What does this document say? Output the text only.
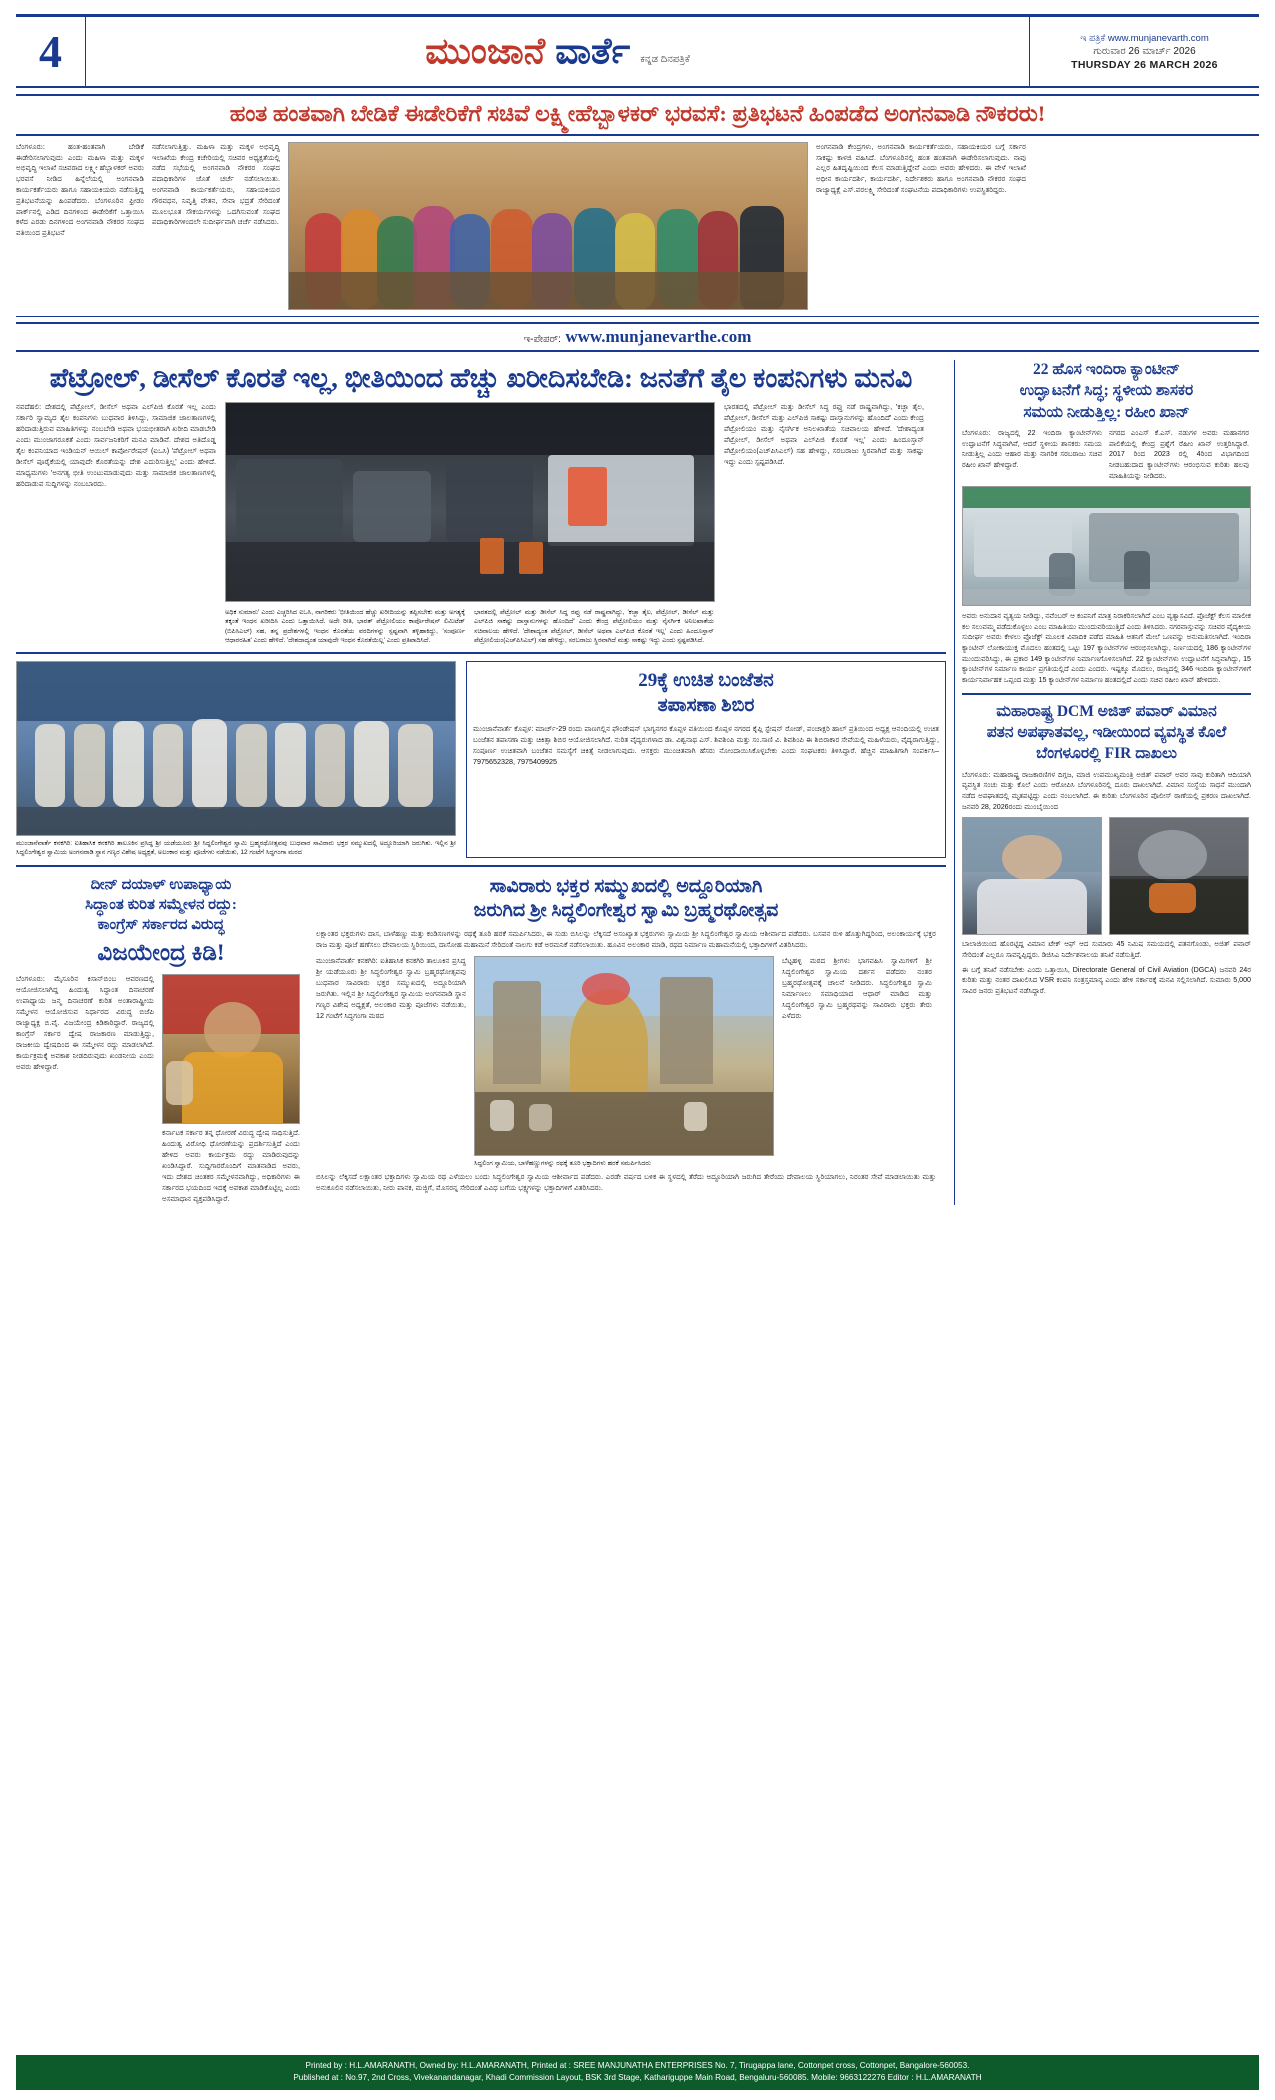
4	ಮುಂಜಾನೆ ವಾರ್ತೆ ಕನ್ನಡ ದಿನಪತ್ರಿಕೆ
ಇ ಪತ್ರಿಕೆ www.munjanevarth.com
ಗುರುವಾರ 26 ಮಾರ್ಚ್ 2026
THURSDAY 26 MARCH 2026
ಹಂತ ಹಂತವಾಗಿ ಬೇಡಿಕೆ ಈಡೇರಿಕೆಗೆ ಸಚಿವೆ ಲಕ್ಷ್ಮೀಹೆಬ್ಬಾಳಕರ್ ಭರವಸೆ: ಪ್ರತಿಭಟನೆ ಹಿಂಪಡೆದ ಅಂಗನವಾಡಿ ನೌಕರರು!
ಬೆಂಗಳೂರು: ಹಂತ-ಹಂತವಾಗಿ ಬೇಡಿಕೆ ಈಡೇರಿಸಲಾಗುವುದು ಎಂದು ಮಹಿಳಾ ಮತ್ತು ಮಕ್ಕಳ ಅಭಿವೃದ್ಧಿ ಇಲಾಖೆ ಸಚಿವರಾದ ಲಕ್ಷ್ಮೀ ಹೆಬ್ಬಾಳಕರ್ ಅವರು ಭರವಸೆ ನೀಡಿದ ಹಿನ್ನೆಲೆಯಲ್ಲಿ ಅಂಗನವಾಡಿ ಕಾರ್ಯಕರ್ತೆಯರು ಹಾಗೂ ಸಹಾಯಕಿಯರು ನಡೆಸುತ್ತಿದ್ದ ಪ್ರತಿಭಟನೆಯನ್ನು ಹಿಂಪಡೆದರು. ಬೆಂಗಳೂರಿನ ಫ್ರೀಡಂ ಪಾರ್ಕ್‌ನಲ್ಲಿ ಎಡಿದ ದಿನಗಳಿಂದ ಈಡೇರಿಕೆಗೆ ಒತ್ತಾಯಿಸಿ ಕಳೆದ ಎರಡು ದಿನಗಳಿಂದ ಅಂಗನವಾಡಿ ನೌಕರರ ಸಂಘದ ವತಿಯಿಂದ ಪ್ರತಿಭಟನೆ
ನಡೆಸಲಾಗುತ್ತಿತ್ತು. ಮಹಿಳಾ ಮತ್ತು ಮಕ್ಕಳ ಅಭಿವೃದ್ಧಿ ಇಲಾಖೆಯ ಕೇಂದ್ರ ಕಚೇರಿಯಲ್ಲಿ ಸಚಿವರ ಅಧ್ಯಕ್ಷತೆಯಲ್ಲಿ ನಡೆದ ಸಭೆಯಲ್ಲಿ ಅಂಗನವಾಡಿ ನೌಕರರ ಸಂಘದ ಪದಾಧಿಕಾರಿಗಳ ಜೊತೆ ಚರ್ಚೆ ನಡೆಸಲಾಯಿತು. ಅಂಗನವಾಡಿ ಕಾರ್ಯಕರ್ತೆಯರು, ಸಹಾಯಕಿಯರ ಗೌರವಧನ, ನಿವೃತ್ತಿ ವೇತನ, ಸೇವಾ ಭದ್ರತೆ ಸೇರಿದಂತೆ ಮೂಲಭೂತ ಸೌಕರ್ಯಗಳನ್ನು ಒದಗಿಸುವಂತೆ ಸಂಘದ ಪದಾಧಿಕಾರಿಗಳಿಂದಲೇ ಸುದೀರ್ಘವಾಗಿ ಚರ್ಚೆ ನಡೆಸಿದರು.
ಅಂಗನವಾಡಿ ಕೇಂದ್ರಗಳು, ಅಂಗನವಾಡಿ ಕಾರ್ಯಕರ್ತೆಯರು, ಸಹಾಯಕಿಯರ ಬಗ್ಗೆ ಸರ್ಕಾರ ಸಾಕಷ್ಟು ಕಾಳಜಿ ವಹಿಸಿದೆ. ಬೆಂಗಳೂರಿನಲ್ಲಿ ಹಂತ ಹಂತವಾಗಿ ಈಡೇರಿಸಲಾಗುವುದು. ನಾವು ಎಲ್ಲರ ಹಿತದೃಷ್ಟಿಯಿಂದ ಕೆಲಸ ಮಾಡುತ್ತಿದ್ದೇವೆ ಎಂದು ಅವರು ಹೇಳಿದರು. ಈ ವೇಳೆ ಇಲಾಖೆ ಅಧೀನ ಕಾರ್ಯದರ್ಶಿ, ಕಾರ್ಯದರ್ಶಿ, ನಿರ್ದೇಶಕರು ಹಾಗೂ ಅಂಗನವಾಡಿ ನೌಕರರ ಸಂಘದ ರಾಜ್ಯಾಧ್ಯಕ್ಷೆ ಎಸ್.ವರಲಕ್ಷ್ಮಿ ಸೇರಿದಂತೆ ಸಂಘಟನೆಯ ಪದಾಧಿಕಾರಿಗಳು ಉಪಸ್ಥಿತರಿದ್ದರು.
ಇ-ಪೇಪರ್: www.munjanevarthe.com
ಪೆಟ್ರೋಲ್, ಡೀಸೆಲ್ ಕೊರತೆ ಇಲ್ಲ, ಭೀತಿಯಿಂದ ಹೆಚ್ಚು ಖರೀದಿಸಬೇಡಿ: ಜನತೆಗೆ ತೈಲ ಕಂಪನಿಗಳು ಮನವಿ
ನವದೆಹಲಿ: ದೇಶದಲ್ಲಿ ಪೆಟ್ರೋಲ್, ಡೀಸೆಲ್ ಅಥವಾ ಎಲ್‌ಪಿಜಿ ಕೊರತೆ ಇಲ್ಲ ಎಂದು ಸರ್ಕಾರಿ ಸ್ವಾಮ್ಯದ ತೈಲ ಕಂಪನಿಗಳು ಬುಧವಾರ ತಿಳಿಸಿದ್ದು, ಸಾಮಾಜಿಕ ಜಾಲತಾಣಗಳಲ್ಲಿ ಹರಿದಾಡುತ್ತಿರುವ ಮಾಹಿತಿಗಳನ್ನು ನಂಬಬೇಡಿ ಅಥವಾ ಭಯಭೀತರಾಗಿ ಖರೀದಿ ಮಾಡಬೇಡಿ ಎಂದು ಮುಂಜಾಗರೂಕತೆ ಎಂದು ಸಾರ್ವಜನಿಕರಿಗೆ ಮನವಿ ಮಾಡಿವೆ. ದೇಶದ ಅತಿದೊಡ್ಡ ತೈಲ ಕಂಪನಿಯಾದ ಇಂಡಿಯನ್ ಆಯಿಲ್ ಕಾರ್ಪೋರೇಷನ್ (ಐಒಸಿ) 'ಪೆಟ್ರೋಲ್ ಅಥವಾ ಡೀಸೆಲ್ ಪೂರೈಕೆಯಲ್ಲಿ ಯಾವುದೇ ಕೊರತೆಯನ್ನು ದೇಶ ಎದುರಿಸುತ್ತಿಲ್ಲ' ಎಂದು ಹೇಳಿದೆ. ಮಾಧ್ಯಮಗಳು 'ಅನಗತ್ಯ ಭೀತಿ ಉಂಟುಮಾಡುವುದು ಮತ್ತು ಸಾಮಾಜಿಕ ಜಾಲತಾಣಗಳಲ್ಲಿ ಹರಿದಾಡುವ ಸುದ್ದಿಗಳನ್ನು ನಂಬಬಾರದು.
ಅಧಿಕ ಸುಮಾರು' ಎಂದು ಎಚ್ಚರಿಸಿದ ಐಒಸಿ, ನಾಗರಿಕರು 'ಭೀತಿಯಿಂದ ಹೆಚ್ಚು ಖರೀದಿಯನ್ನು ತಪ್ಪಿಸಬೇಕು ಮತ್ತು ಅಗತ್ಯಕ್ಕೆ ತಕ್ಕಂತೆ ಇಂಧನ ಖರೀದಿಸಿ ಎಂದು ಒತ್ತಾಯಿಸಿದೆ. ಅದೇ ರೀತಿ, ಭಾರತ್ ಪೆಟ್ರೋಲಿಯಂ ಕಾರ್ಪೊರೇಷನ್ ಲಿಮಿಟೆಡ್ (ಬಿಪಿಸಿಎಲ್) ಸಹ, ತನ್ನ ಪ್ರದೇಶಗಳಲ್ಲಿ ಇಂಧನ ಕೊರತೆಯ ವರದಿಗಳನ್ನು ಸ್ಪಷ್ಟವಾಗಿ ತಳ್ಳಿಹಾಕಿದ್ದು, 'ಸಂಪೂರ್ಣ ಆಧಾರರಹಿತ' ಎಂದು ಹೇಳಿದೆ. 'ದೇಶದಾದ್ಯಂತ ಯಾವುದೇ ಇಂಧನ ಕೊರತೆಯಿಲ್ಲ' ಎಂದು ಪ್ರತಿಪಾದಿಸಿದೆ.
ಭಾರತದಲ್ಲಿ ಪೆಟ್ರೋಲ್ ಮತ್ತು ಡೀಸೆಲ್ ಸಿದ್ಧ ರಫ್ತು ನಡೆ ರಾಷ್ಟ್ರವಾಗಿದ್ದು, 'ಕಚ್ಛಾ ತೈಲ, ಪೆಟ್ರೋಲ್, ಡೀಸೆಲ್ ಮತ್ತು ಎಲ್‌ಪಿಜಿ ಸಾಕಷ್ಟು ದಾಸ್ತಾನುಗಳನ್ನು ಹೊಂದಿದೆ' ಎಂದು ಕೇಂದ್ರ ಪೆಟ್ರೋಲಿಯಂ ಮತ್ತು ನೈಸರ್ಗಿಕ ಅನಿಲಖಾತೆಯ ಸಚಿವಾಲಯ ಹೇಳಿದೆ. 'ದೇಶಾದ್ಯಂತ ಪೆಟ್ರೋಲ್, ಡೀಸೆಲ್ ಅಥವಾ ಎಲ್‌ಪಿಜಿ ಕೊರತೆ ಇಲ್ಲ' ಎಂದು ಹಿಂದೂಸ್ತಾನ್ ಪೆಟ್ರೋಲಿಯಂ(ಎಚ್‌ಪಿಸಿಎಲ್) ಸಹ ಹೇಳಿದ್ದು, ಸರಬರಾಜು ಸ್ಥಿರವಾಗಿದೆ ಮತ್ತು ಸಾಕಷ್ಟು ಇದ್ದು ಎಂದು ಸ್ಪಷ್ಟಪಡಿಸಿದೆ.
ಭಾರತದಲ್ಲಿ ಪೆಟ್ರೋಲ್ ಮತ್ತು ಡೀಸೆಲ್ ಸಿದ್ಧ ರಫ್ತು ನಡೆ ರಾಷ್ಟ್ರವಾಗಿದ್ದು, 'ಕಚ್ಛಾ ತೈಲ, ಪೆಟ್ರೋಲ್, ಡೀಸೆಲ್ ಮತ್ತು ಎಲ್‌ಪಿಜಿ ಸಾಕಷ್ಟು ದಾಸ್ತಾನುಗಳನ್ನು ಹೊಂದಿದೆ' ಎಂದು ಕೇಂದ್ರ ಪೆಟ್ರೋಲಿಯಂ ಮತ್ತು ನೈಸರ್ಗಿಕ ಅನಿಲಖಾತೆಯ ಸಚಿವಾಲಯ ಹೇಳಿದೆ. 'ದೇಶಾದ್ಯಂತ ಪೆಟ್ರೋಲ್, ಡೀಸೆಲ್ ಅಥವಾ ಎಲ್‌ಪಿಜಿ ಕೊರತೆ ಇಲ್ಲ' ಎಂದು ಹಿಂದೂಸ್ತಾನ್ ಪೆಟ್ರೋಲಿಯಂ(ಎಚ್‌ಪಿಸಿಎಲ್) ಸಹ ಹೇಳಿದ್ದು, ಸರಬರಾಜು ಸ್ಥಿರವಾಗಿದೆ ಮತ್ತು ಸಾಕಷ್ಟು ಇದ್ದು ಎಂದು ಸ್ಪಷ್ಟಪಡಿಸಿದೆ.
ಮುಂಜಾನೆವಾರ್ತೆ ಕನಕಗಿರಿ: ಐತಿಹಾಸಿಕ ಕನಕಗಿರಿ ತಾಲೂಕಿನ ಪ್ರಸಿದ್ಧ ಶ್ರೀ ಯಡೆಯೂರು ಶ್ರೀ ಸಿದ್ಧಲಿಂಗೇಶ್ವರ ಸ್ವಾಮಿ ಬ್ರಹ್ಮರಥೋತ್ಸವವು ಬುಧವಾರ ಸಾವಿರಾರು ಭಕ್ತರ ಸಮ್ಮುಖದಲ್ಲಿ ಅದ್ದೂರಿಯಾಗಿ ಜರುಗಿತು. ಇಲ್ಲಿನ ಶ್ರೀ ಸಿದ್ಧಲಿಂಗೇಶ್ವರ ಸ್ವಾಮಿಯ ಅಂಗನವಾಡಿ ಸ್ಥಾನ ಗಣ್ಯರ ವಿಶೇಷ ಅಧ್ಯಕ್ಷತೆ, ಅಲಂಕಾರ ಮತ್ತು ಪೂಜೆಗಳು ನಡೆಯಿತು, 12 ಗಂಟೆಗೆ ಸಿದ್ಧಗಂಗಾ ಮಠದ
29ಕ್ಕೆ ಉಚಿತ ಬಂಜೆತನ
ತಪಾಸಣಾ ಶಿಬಿರ
ಮುಂಜಾನೆವಾರ್ತೆ ಕೊಪ್ಪಳ: ಮಾರ್ಚ್-29 ರಂದು ಪಾಣಗಲ್ಲಿನ ಫೌಂಡೇಷನ್ ಭಾಗ್ಯನಗರ ಕೊಪ್ಪಳ ವತಿಯಿಂದ ಕೊಪ್ಪಳ ನಗರದ ಕೈಪ್ಲಿ ಸ್ಟೇಷನ್ ರೋಡ್, ಪಂಚಾಕ್ಷರಿ ಹಾಲ್ ಪ್ರತಿಯಿಂದ ಅಧ್ಯಕ್ಷ ಆನಂದಿಯಲ್ಲಿ ಉಚಿತ ಬಂಜೆತನ ತಪಾಸಣಾ ಮತ್ತು ಚಿಕಿತ್ಸಾ ಶಿಬಿರ ಆಯೋಜಿಸಲಾಗಿದೆ. ನುರಿತ ವೈದ್ಯರುಗಳಾದ ಡಾ. ವಿಶ್ವನಾಥ ಎಸ್. ಶಿವಶಿಂಪಿ ಮತ್ತು ಸಂ.ಸಾಣಿ ವಿ. ಶಿವಶಿಂಪಿ ಈ ಶಿಬಿರಾಕಾರ ಸೇವೆಯಲ್ಲಿ ಮಹಿಳೆಯರು, ವೈದ್ಯರಾಗುತ್ತಿದ್ದು, ಸಂಪೂರ್ಣ ಉಚಿತವಾಗಿ ಬಂಜೆತನ ಸಮಸ್ಯೆಗೆ ಚಿಕಿತ್ಸೆ ನೀಡಲಾಗುವುದು. ಆಸಕ್ತರು ಮುಂಚಿತವಾಗಿ ಹೆಸರು ನೋಂದಾಯಿಸಿಕೊಳ್ಳಬೇಕು ಎಂದು ಸಂಘಟಕರು ತಿಳಿಸಿದ್ದಾರೆ. ಹೆಚ್ಚಿನ ಮಾಹಿತಿಗಾಗಿ ಸಂಪರ್ಕಿಸಿ– 7975652328, 7975409925
ದೀನ್ ದಯಾಳ್ ಉಪಾಧ್ಯಾಯ
ಸಿದ್ಧಾಂತ ಕುರಿತ ಸಮ್ಮೇಳನ ರದ್ದು:
ಕಾಂಗ್ರೆಸ್ ಸರ್ಕಾರದ ವಿರುದ್ಧ
ವಿಜಯೇಂದ್ರ ಕಿಡಿ!
ಬೆಂಗಳೂರು: ಮೈಸೂರಿನ ಕಿಸಾನ್‌ಬಿಂಬ ಆವರಣದಲ್ಲಿ ಆಯೋಜಿಸಲಾಗಿದ್ದ ಹಿಂದುತ್ವ ಸಿದ್ಧಾಂತ ದಿನಾಚರಣೆ ಉಪಾಧ್ಯಾಯ ಜನ್ಮ ದಿನಾಚರಣೆ ಕುರಿತ ಅಂತಾರಾಷ್ಟ್ರೀಯ ಸಮ್ಮೇಳನ ಆಯೋಜಿಸುವ ನಿರ್ಧಾರದ ವಿರುದ್ಧ ಬಿಜೆಪಿ ರಾಜ್ಯಾಧ್ಯಕ್ಷ ಬಿ.ವೈ. ವಿಜಯೇಂದ್ರ ಕಿಡಿಕಾರಿದ್ದಾರೆ. ರಾಜ್ಯದಲ್ಲಿ ಕಾಂಗ್ರೆಸ್ ಸರ್ಕಾರ ದ್ವೇಷ ರಾಜಕಾರಣ ಮಾಡುತ್ತಿದ್ದು, ರಾಜಕೀಯ ದ್ವೇಷದಿಂದ ಈ ಸಮ್ಮೇಳನ ರದ್ದು ಮಾಡಲಾಗಿದೆ. ಕಾರ್ಯಕ್ರಮಕ್ಕೆ ಅವಕಾಶ ನೀಡದಿರುವುದು ಖಂಡನೀಯ ಎಂದು ಅವರು ಹೇಳಿದ್ದಾರೆ.
ಕರ್ನಾಟಕ ಸರ್ಕಾರ ತನ್ನ ಧೋರಣೆ ವಿರುದ್ಧ ದ್ವೇಷ ಸಾಧಿಸುತ್ತಿದೆ. ಹಿಂದುತ್ವ ವಿರೋಧಿ ಧೋರಣೆಯನ್ನು ಪ್ರದರ್ಶಿಸುತ್ತಿದೆ ಎಂದು ಹೇಳಿದ ಅವರು ಕಾರ್ಯಕ್ರಮ ರದ್ದು ಮಾಡಿರುವುದನ್ನು ಖಂಡಿಸಿದ್ದಾರೆ. ಸುದ್ದಿಗಾರರೊಂದಿಗೆ ಮಾತನಾಡಿದ ಅವರು, ಇದು ದೇಶದ ಚಿಂತಕರ ಸಮ್ಮೇಳನವಾಗಿದ್ದು, ಅಧಿಕಾರಿಗಳು ಈ ಸರ್ಕಾರದ ಭಯದಿಂದ ಇದಕ್ಕೆ ಅವಕಾಶ ಮಾಡಿಕೊಟ್ಟಿಲ್ಲ ಎಂದು ಅಸಮಾಧಾನ ವ್ಯಕ್ತಪಡಿಸಿದ್ದಾರೆ.
ಸಾವಿರಾರು ಭಕ್ತರ ಸಮ್ಮುಖದಲ್ಲಿ ಅದ್ದೂರಿಯಾಗಿ
ಜರುಗಿದ ಶ್ರೀ ಸಿದ್ಧಲಿಂಗೇಶ್ವರ ಸ್ವಾಮಿ ಬ್ರಹ್ಮರಥೋತ್ಸವ
ಲಕ್ಷಾಂತರ ಭಕ್ತರುಗಳು ದಾಸ, ಬಾಳೆಹಣ್ಣು ಮತ್ತು ಕಂಡಿಸಣಗಳನ್ನು ರಥಕ್ಕೆ ತೂರಿ ಹರಕೆ ಸಮರ್ಪಿಸಿದರು, ಈ ಸುಡು ಬಿಸಿಲನ್ನು ಲೆಕ್ಕಿಸದೆ ಅಸಂಖ್ಯಾತ ಭಕ್ತರುಗಳು ಸ್ವಾಮಿಯ ಶ್ರೀ ಸಿದ್ಧಲಿಂಗೇಶ್ವರ ಸ್ವಾಮಿಯ ಆಶೀರ್ವಾದ ಪಡೆದರು. ಬಸವನ ರುಳಿ ಹೊತ್ತುಗಿದ್ದರಿಂದ, ಅಲಂಕಾರ್ಯಕ್ಕೆ ಭಕ್ತರ ರಾಜ ಮತ್ತು ಪೂಜೆ ಹಣೆಸಲು ದೇವಾಲಯ ಸ್ಥಿರಿಯಿಂದ, ದಾಸೋಹ ಮಹಾಮನೆ ಸೇರಿದಂತೆ ನಾಲಗು ಕಡೆ ಅರಮನಿಕೆ ನಡೆಸಲಾಯಿತು. ಹೂವಿನ ಅಲಂಕಾರ ಮಾಡಿ, ರಥದ ನಿರ್ಮಾಣ ಮಹಾಮನೆಯಲ್ಲಿ ಭಕ್ತಾದಿಗಳಿಗೆ ವಿತರಿಸಿದರು.
ಮುಂಜಾನೆವಾರ್ತೆ ಕನಕಗಿರಿ: ಐತಿಹಾಸಿಕ ಕನಕಗಿರಿ ತಾಲೂಕಿನ ಪ್ರಸಿದ್ಧ ಶ್ರೀ ಯಡೆಯೂರು ಶ್ರೀ ಸಿದ್ಧಲಿಂಗೇಶ್ವರ ಸ್ವಾಮಿ ಬ್ರಹ್ಮರಥೋತ್ಸವವು ಬುಧವಾರ ಸಾವಿರಾರು ಭಕ್ತರ ಸಮ್ಮುಖದಲ್ಲಿ ಅದ್ದೂರಿಯಾಗಿ ಜರುಗಿತು. ಇಲ್ಲಿನ ಶ್ರೀ ಸಿದ್ಧಲಿಂಗೇಶ್ವರ ಸ್ವಾಮಿಯ ಅಂಗನವಾಡಿ ಸ್ಥಾನ ಗಣ್ಯರ ವಿಶೇಷ ಅಧ್ಯಕ್ಷತೆ, ಅಲಂಕಾರ ಮತ್ತು ಪೂಜೆಗಳು ನಡೆಯಿತು, 12 ಗಂಟೆಗೆ ಸಿದ್ಧಗಂಗಾ ಮಠದ
ಸಿದ್ಧಲಿಂಗ ಸ್ವಾಮಿಯ, ಬಾಳೆಹಣ್ಣುಗಳನ್ನು ರಥಕ್ಕೆ ತೂರಿ ಭಕ್ತಾದಿಗಳು ಹರಕೆ ಸಮರ್ಪಿಸಿದರು
ಬೆಟ್ಟಹಳ್ಳಿ ಮಠದ ಶ್ರೀಗಳು ಭಾಗವಹಿಸಿ ಸ್ವಾಮಿಗಳಿಗೆ ಶ್ರೀ ಸಿದ್ಧಲಿಂಗೇಶ್ವರ ಸ್ವಾಮಿಯ ದರ್ಶನ ಪಡೆದರು ನಂತರ ಬ್ರಹ್ಮರಥೋತ್ಸವಕ್ಕೆ ಚಾಲನೆ ನೀಡಿದರು. ಸಿದ್ಧಲಿಂಗೇಶ್ವರ ಸ್ವಾಮಿ ನಿರ್ಮಾಣಲು ಸಮಾಧಿಯಾದ ಆಧಾರ್ ಮಾಡಿದ ಮತ್ತು ಸಿದ್ಧಲಿಂಗೇಶ್ವರ ಸ್ವಾಮಿ ಬ್ರಹ್ಮರಥವನ್ನು ಸಾವಿರಾರು ಭಕ್ತರು ತೇರು ಎಳೆದರು
ಬಿಸಿಲನ್ನು ಲೆಕ್ಕಿಸದೆ ಲಕ್ಷಾಂತರ ಭಕ್ತಾದಿಗಳು ಸ್ವಾಮಿಯ ರಥ ಎಳೆಯಲು ಬಂದು ಸಿದ್ಧಲಿಂಗೇಶ್ವರ ಸ್ವಾಮಿಯ ಆಶೀರ್ವಾದ ಪಡೆದರು. ಎರಡೇ ವರ್ಷದ ಬಳಿಕ ಈ ಸ್ಥಳದಲ್ಲಿ ತೆರೆದು ಅದ್ಧೂರಿಯಾಗಿ ಜರುಗಿದ ತೇರೆಂದು ದೇವಾಲಯ ಸ್ಥಿರಿಯಾಗಲು, ನಿರಂತರ ಸೇವೆ ಮಾಡಲಾಯಿತು ಮತ್ತು ಅನುಕೂಲಿನ ನಡೆಸಲಾಯಿತು, ನೀರು ಪಾನಕ, ಮಜ್ಜಿಗೆ, ಮೊಸರನ್ನ ಸೇರಿದಂತೆ ಎವಿಧ ಬಗೆಯ ಭಕ್ಷ್ಯಗಳನ್ನು ಭಕ್ತಾದಿಗಳಿಗೆ ವಿತರಿಸಿದರು.
22 ಹೊಸ ಇಂದಿರಾ ಕ್ಯಾಂಟೀನ್
ಉದ್ಘಾಟನೆಗೆ ಸಿದ್ಧ; ಸ್ಥಳೀಯ ಶಾಸಕರ
ಸಮಯ ನೀಡುತ್ತಿಲ್ಲ: ರಹೀಂ ಖಾನ್
ಬೆಂಗಳೂರು: ರಾಜ್ಯದಲ್ಲಿ 22 ಇಂದಿರಾ ಕ್ಯಾಂಟೀನ್‌ಗಳು ಉದ್ಘಾಟನೆಗೆ ಸಿದ್ಧವಾಗಿವೆ, ಆದರೆ ಸ್ಥಳೀಯ ಶಾಸಕರು ಸಮಯ ನೀಡುತ್ತಿಲ್ಲ ಎಂದು ಆಹಾರ ಮತ್ತು ನಾಗರಿಕ ಸರಬರಾಜು ಸಚಿವ ರಹೀಂ ಖಾನ್ ಹೇಳಿದ್ದಾರೆ.
ನಗರದ ಎಂಎಸ್ ಕೆ.ಎಸ್. ನಡುಗಳ ಅವರು ಮಹಾನಗರ ಪಾಲಿಕೆಯಲ್ಲಿ ಕೇಂದ್ರ ಪ್ರಶ್ನೆಗೆ ರೆಹೀಂ ಖಾನ್ ಉತ್ತರಿಸಿದ್ದಾರೆ. 2017 ರಿಂದ 2023 ರಲ್ಲಿ 4ರಿಂದ ವಿಭಾಗದಿಂದ ನೀಡಬಹುದಾದ ಕ್ಯಾಂಟೀನ್‌ಗಳು ಆರಂಭಿಸುವ ಕುರಿತು ಹಲವು ಮಾಹಿತಿಯನ್ನು ನೀಡಿದರು.
ಅವರು ಅನುದಾನ ವ್ಯತ್ಯಯ ನೀಡಿದ್ದು, ನವೆಂಬರ್ ಆ ಕಂಪನಿಗೆ ಮಾತ್ರ ನಿರಾಕರಿಸಲಾಗಿದೆ ಎಂಬ ವ್ಯತ್ಯಾಸವಿದೆ. ಪ್ರೊಜೆಕ್ಟ್ ಕೆಲಸ ಮಾಲೀಕ ಕಲ ಸಲುವಮ್ಮ ಪಡೆದುಕೊಳ್ಳಲು ಎಂಬ ಮಾಹಿತಿಯು ಮುಂದುವರಿಯುತ್ತಿದೆ ಎಂದು ತಿಳಿಸಿದರು. ನಗರವಾಸ್ತುವನ್ನು ಸಚಿವರ ವೈದ್ಯಕೀಯ ಸುದೀರ್ಘ ಅವರು ಕೇಳಲು ಪ್ರೊಜೆಕ್ಟ್ ಮೂಲಕ ವಿವಾದಿಕ ಪಡೆದ ಮಾಹಿತಿ ಆತನಿಗೆ ಮೇಲೆ ಒಣವನ್ನು ಅನುಮತಿಸಲಾಗಿದೆ. ಇಂದಿರಾ ಕ್ಯಾಂಟೀನ್ ಲೋಕಾಯುಕ್ತ ಮೊದಲು ಹಂತದಲ್ಲಿ ಒಟ್ಟು 197 ಕ್ಯಾಂಟೀನ್‌ಗಳ ಆರಂಭಿಸಲಾಗಿದ್ದು, ನಿರ್ಣಯದಲ್ಲಿ 186 ಕ್ಯಾಂಟೀನ್‌ಗಳ ಮುಂದುವರಿಸಿದ್ದು, ಈ ಪ್ರಕಾರ 149 ಕ್ಯಾಂಟೀನ್‌ಗಳ ನಿರ್ಮಾಣಗೊಳಿಸಲಾಗಿದೆ. 22 ಕ್ಯಾಂಟೀನ್‌ಗಳು ಉದ್ಘಾಟನೆಗೆ ಸಿದ್ಧವಾಗಿದ್ದು, 15 ಕ್ಯಾಂಟೀನ್‌ಗಳ ನಿರ್ಮಾಣ ಕಾರ್ಯ ಪ್ರಗತಿಯಲ್ಲಿದೆ ಎಂದು ಎಂದರು. ಇಷ್ಟಕ್ಕೂ ಮೊದಲು, ರಾಜ್ಯದಲ್ಲಿ 346 ಇಂದಿರಾ ಕ್ಯಾಂಟೀನ್‌ಗಳಿಗೆ ಕಾರ್ಯನಿರ್ವಾಹಕ ಒಪ್ಪಂದ ಮತ್ತು 15 ಕ್ಯಾಂಟೀನ್‌ಗಳ ನಿರ್ಮಾಣ ಹಂತದಲ್ಲಿದೆ ಎಂದು ಸಚಿವ ರಹೀಂ ಖಾನ್ ಹೇಳಿದರು.
ಮಹಾರಾಷ್ಟ್ರ DCM ಅಜಿತ್ ಪವಾರ್ ವಿಮಾನ
ಪತನ ಅಪಘಾತವಲ್ಲ, ಇಡೀಯಿಂದ ವ್ಯವಸ್ಥಿತ ಕೊಲೆ
ಬೆಂಗಳೂರಲ್ಲಿ FIR ದಾಖಲು
ಬೆಂಗಳೂರು: ಮಹಾರಾಷ್ಟ್ರ ರಾಜಕಾರಣಿಗಳ ದಿಗ್ಗಜ, ಮಾಜಿ ಉಪಮುಖ್ಯಮಂತ್ರಿ ಅಜಿತ್ ಪವಾರ್ ಅವರ ಸಾವು ಕುರಿತಾಗಿ ಆದಿಯಾಗಿ ವ್ಯವಸ್ಥಿತ ಸಂಚು ಮತ್ತು ಕೊಲೆ ಎಂದು ಆರೋಪಿಸಿ ಬೆಂಗಳೂರಿನಲ್ಲಿ ದೂರು ದಾಖಲಾಗಿದೆ. ವಿಮಾನ ಸಂಸ್ಥೆಯ ಸಾಧನೆ ಮುಂದಾಗಿ ನಡೆದ ಅಪಘಾತದಲ್ಲಿ ಮೃತಪಟ್ಟಿದ್ದು ಎಂದು ನಂಬಲಾಗಿದೆ. ಈ ಕುರಿತು ಬೆಂಗಳೂರಿನ ಪೊಲೀಸ್ ಠಾಣೆಯಲ್ಲಿ ಪ್ರಕರಣ ದಾಖಲಾಗಿದೆ. ಜನವರಿ 28, 2026ರಂದು ಮುಂಬೈಯಿಂದ
ಬಾಲಾಜಿಯಿಂದ ಹೊರಟ್ಟಿದ್ದ ವಿಮಾನ ಟೇಕ್ ಆಫ್ ಆದ ಸುಮಾರು 45 ನಿಮಿಷ ಸಮಯದಲ್ಲಿ ಪತನಗೊಂಡು, ಅಜಿತ್ ಪವಾರ್ ಸೇರಿದಂತೆ ಎಲ್ಲರೂ ಸಾವನ್ನಪ್ಪಿದ್ದರು. ಡಿಜಿಸಿಎ ನಿರ್ದೇಶನಾಲಯ ತನಿಖೆ ನಡೆಸುತ್ತಿದೆ.
ಈ ಬಗ್ಗೆ ತನಿಖೆ ನಡೆಸಬೇಕು ಎಂದು ಒತ್ತಾಯಿಸಿ, Directorate General of Civil Aviation (DGCA) ಜನವರಿ 24ರ ಕುರಿತು ಮತ್ತು ನಂತರ ದಾಖಲಿಸಿದ VSR ಕಂಪನಿ ಸಂತ್ರಸ್ತಮಾನ್ಯ ಎಂದು ಹೇಳಿ ಸರ್ಕಾರಕ್ಕೆ ಮನವಿ ಸಲ್ಲಿಸಲಾಗಿದೆ. ಸುಮಾರು 5,000 ಸಾವಿರ ಜನರು ಪ್ರತಿಭಟನೆ ನಡೆಸಿದ್ದಾರೆ.
Printed by : H.L.AMARANATH, Owned by: H.L.AMARANATH, Printed at : SREE MANJUNATHA ENTERPRISES No. 7, Tirugappa lane, Cottonpet cross, Cottonpet, Bangalore-560053.
Published at : No.97, 2nd Cross, Vivekanandanagar, Khadi Commission Layout, BSK 3rd Stage, Kathariguppe Main Road, Bengaluru-560085. Mobile: 9663122276 Editor : H.L.AMARANATH
